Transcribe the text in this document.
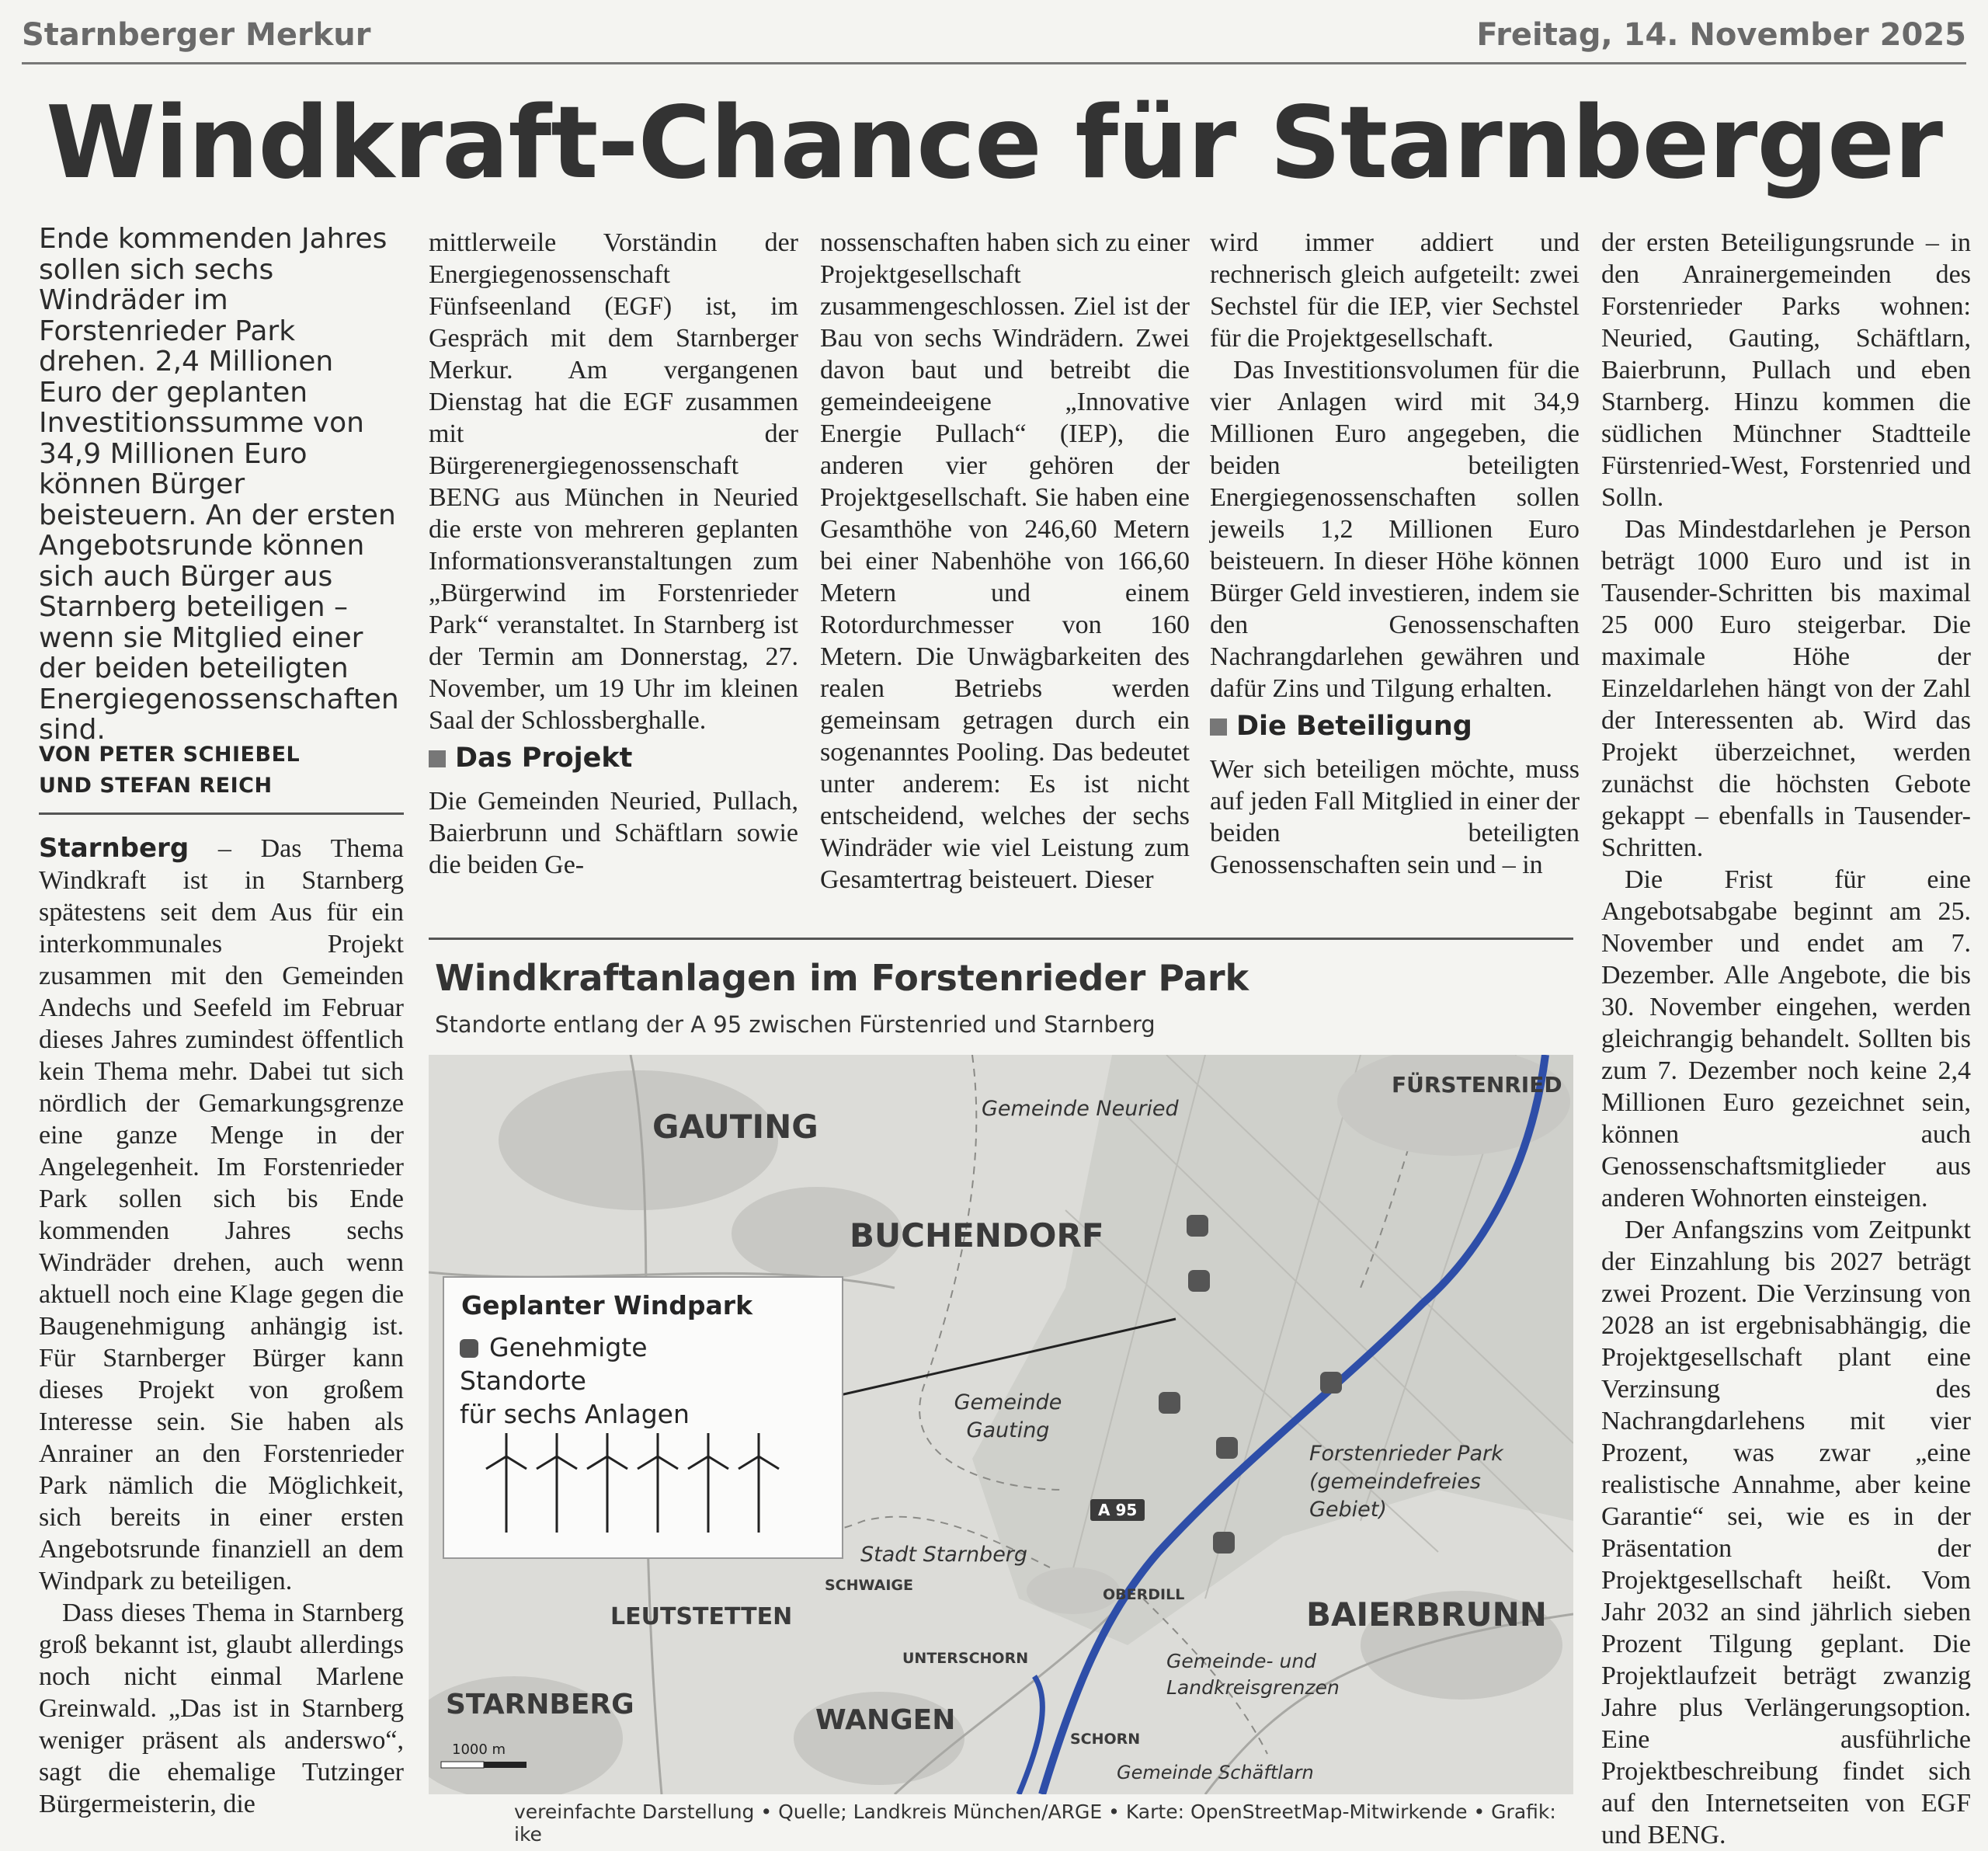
Starnberger Merkur	Freitag, 14. November 2025
Windkraft-Chance für Starnberger
Ende kommenden Jahres sollen sich sechs Windräder im Forstenrieder Park drehen. 2,4 Millionen Euro der geplanten Investitionssumme von 34,9 Millionen Euro können Bürger beisteuern. An der ersten Angebotsrunde können sich auch Bürger aus Starnberg beteiligen – wenn sie Mitglied einer der beiden beteiligten Energiegenossenschaften sind.
VON PETER SCHIEBEL
UND STEFAN REICH

Starnberg – Das Thema Windkraft ist in Starnberg spätestens seit dem Aus für ein interkommunales Projekt zusammen mit den Gemeinden Andechs und Seefeld im Februar dieses Jahres zumindest öffentlich kein Thema mehr. Dabei tut sich nördlich der Gemarkungsgrenze eine ganze Menge in der Angelegenheit. Im Forstenrieder Park sollen sich bis Ende kommenden Jahres sechs Windräder drehen, auch wenn aktuell noch eine Klage gegen die Baugenehmigung anhängig ist. Für Starnberger Bürger kann dieses Projekt von großem Interesse sein. Sie haben als Anrainer an den Forstenrieder Park nämlich die Möglichkeit, sich bereits in einer ersten Angebotsrunde finanziell an dem Windpark zu beteiligen.

Dass dieses Thema in Starnberg groß bekannt ist, glaubt allerdings noch nicht einmal Marlene Greinwald. „Das ist in Starnberg weniger präsent als anderswo“, sagt die ehemalige Tutzinger Bürgermeisterin, die

mittlerweile Vorständin der Energiegenossenschaft Fünfseenland (EGF) ist, im Gespräch mit dem Starnberger Merkur. Am vergangenen Dienstag hat die EGF zusammen mit der Bürgerenergiegenossenschaft BENG aus München in Neuried die erste von mehreren geplanten Informationsveranstaltungen zum „Bürgerwind im Forstenrieder Park“ veranstaltet. In Starnberg ist der Termin am Donnerstag, 27. November, um 19 Uhr im kleinen Saal der Schlossberghalle.

Das Projekt

Die Gemeinden Neuried, Pullach, Baierbrunn und Schäftlarn sowie die beiden Ge-

nossenschaften haben sich zu einer Projektgesellschaft zusammengeschlossen. Ziel ist der Bau von sechs Windrädern. Zwei davon baut und betreibt die gemeindeeigene „Innovative Energie Pullach“ (IEP), die anderen vier gehören der Projektgesellschaft. Sie haben eine Gesamthöhe von 246,60 Metern bei einer Nabenhöhe von 166,60 Metern und einem Rotordurchmesser von 160 Metern. Die Unwägbarkeiten des realen Betriebs werden gemeinsam getragen durch ein sogenanntes Pooling. Das bedeutet unter anderem: Es ist nicht entscheidend, welches der sechs Windräder wie viel Leistung zum Gesamtertrag beisteuert. Dieser

wird immer addiert und rechnerisch gleich aufgeteilt: zwei Sechstel für die IEP, vier Sechstel für die Projektgesellschaft.

Das Investitionsvolumen für die vier Anlagen wird mit 34,9 Millionen Euro angegeben, die beiden beteiligten Energiegenossenschaften sollen jeweils 1,2 Millionen Euro beisteuern. In dieser Höhe können Bürger Geld investieren, indem sie den Genossenschaften Nachrangdarlehen gewähren und dafür Zins und Tilgung erhalten.

Die Beteiligung

Wer sich beteiligen möchte, muss auf jeden Fall Mitglied in einer der beiden beteiligten Genossenschaften sein und – in

der ersten Beteiligungsrunde – in den Anrainergemeinden des Forstenrieder Parks wohnen: Neuried, Gauting, Schäftlarn, Baierbrunn, Pullach und eben Starnberg. Hinzu kommen die südlichen Münchner Stadtteile Fürstenried-West, Forstenried und Solln.

Das Mindestdarlehen je Person beträgt 1000 Euro und ist in Tausender-Schritten bis maximal 25 000 Euro steigerbar. Die maximale Höhe der Einzeldarlehen hängt von der Zahl der Interessenten ab. Wird das Projekt überzeichnet, werden zunächst die höchsten Gebote gekappt – ebenfalls in Tausender-Schritten.

Die Frist für eine Angebotsabgabe beginnt am 25. November und endet am 7. Dezember. Alle Angebote, die bis 30. November eingehen, werden gleichrangig behandelt. Sollten bis zum 7. Dezember noch keine 2,4 Millionen Euro gezeichnet sein, können auch Genossenschaftsmitglieder aus anderen Wohnorten einsteigen.

Der Anfangszins vom Zeitpunkt der Einzahlung bis 2027 beträgt zwei Prozent. Die Verzinsung von 2028 an ist ergebnisabhängig, die Projektgesellschaft plant eine Verzinsung des Nachrangdarlehens mit vier Prozent, was zwar „eine realistische Annahme, aber keine Garantie“ sei, wie es in der Präsentation der Projektgesellschaft heißt. Vom Jahr 2032 an sind jährlich sieben Prozent Tilgung geplant. Die Projektlaufzeit beträgt zwanzig Jahre plus Verlängerungsoption. Eine ausführliche Projektbeschreibung findet sich auf den Internetseiten von EGF und BENG.

Windkraftanlagen im Forstenrieder Park
Standorte entlang der A 95 zwischen Fürstenried und Starnberg
GAUTING
BUCHENDORF
FÜRSTENRIED
Gemeinde Neuried
Gemeinde
Gauting
Forstenrieder Park
(gemeindefreies
Gebiet)
A 95
Stadt Starnberg
SCHWAIGE
OBERDILL
LEUTSTETTEN	BAIERBRUNN
UNTERSCHORN	Gemeinde- und
Landkreisgrenzen
STARNBERG	WANGEN
SCHORN
Gemeinde Schäftlarn
1000 m
Geplanter Windpark
Genehmigte
Standorte
für sechs Anlagen
vereinfachte Darstellung • Quelle; Landkreis München/ARGE • Karte: OpenStreetMap-Mitwirkende • Grafik: ike
